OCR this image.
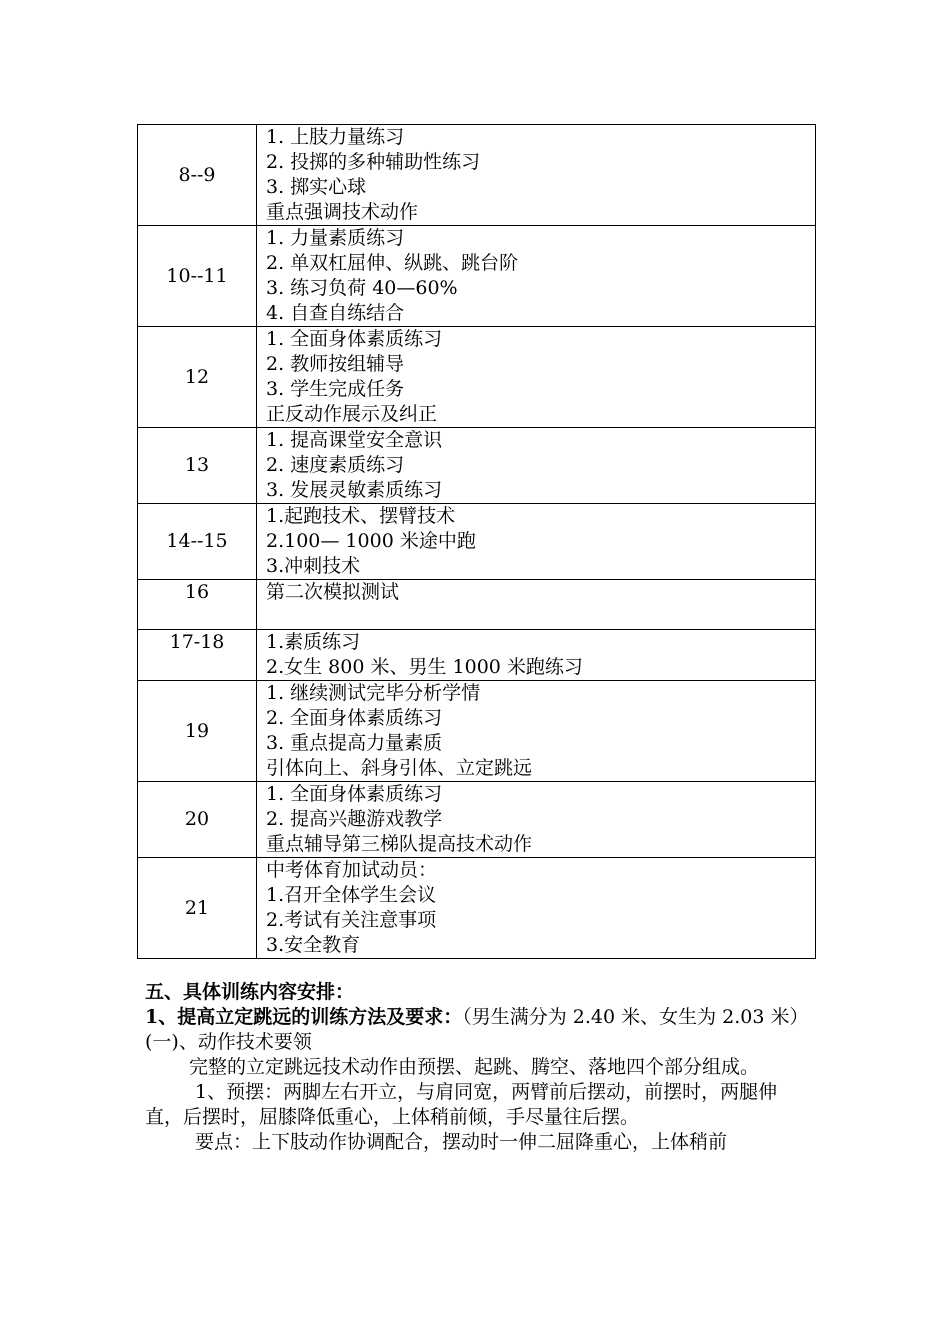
8--9	1. 上肢力量练习
2. 投掷的多种辅助性练习
3. 掷实心球
重点强调技术动作

10--11	1. 力量素质练习
2. 单双杠屈伸、纵跳、跳台阶
3. 练习负荷 40—60%
4. 自查自练结合

12	1. 全面身体素质练习
2. 教师按组辅导
3. 学生完成任务
正反动作展示及纠正

13	1. 提高课堂安全意识
2. 速度素质练习
3. 发展灵敏素质练习

14--15	1.起跑技术、摆臂技术
2.100— 1000 米途中跑
3.冲刺技术

16	第二次模拟测试

17-18	1.素质练习
2.女生 800 米、男生 1000 米跑练习

19	1. 继续测试完毕分析学情
2. 全面身体素质练习
3. 重点提高力量素质
引体向上、斜身引体、立定跳远

20	1. 全面身体素质练习
2. 提高兴趣游戏教学
重点辅导第三梯队提高技术动作

21	中考体育加试动员：
1.召开全体学生会议
2.考试有关注意事项
3.安全教育

五、具体训练内容安排：

1、提高立定跳远的训练方法及要求：（男生满分为 2.40 米、女生为 2.03 米）

(一)、动作技术要领

完整的立定跳远技术动作由预摆、起跳、腾空、落地四个部分组成。

1、预摆：两脚左右开立，与肩同宽，两臂前后摆动，前摆时，两腿伸直，后摆时，屈膝降低重心，上体稍前倾，手尽量往后摆。

要点：上下肢动作协调配合，摆动时一伸二屈降重心，上体稍前
